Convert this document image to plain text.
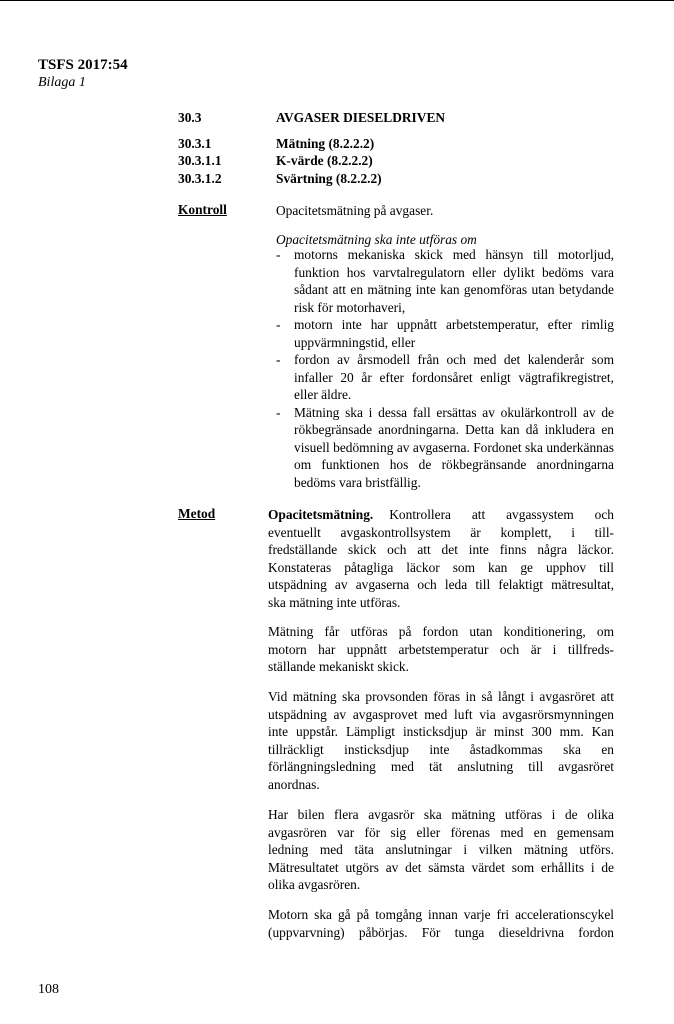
TSFS 2017:54
Bilaga 1
30.3	AVGASER DIESELDRIVEN
30.3.1	Mätning (8.2.2.2)
30.3.1.1	K-värde (8.2.2.2)
30.3.1.2	Svärtning (8.2.2.2)
Kontroll	Opacitetsmätning på avgaser.
Opacitetsmätning ska inte utföras om
- motorns mekaniska skick med hänsyn till motorljud, funktion hos varvtalregulatorn eller dylikt bedöms vara sådant att en mätning inte kan genomföras utan betydande risk för motorhaveri,
- motorn inte har uppnått arbetstemperatur, efter rimlig uppvärmningstid, eller
- fordon av årsmodell från och med det kalenderår som infaller 20 år efter fordonsåret enligt vägtrafikregistret, eller äldre.
- Mätning ska i dessa fall ersättas av okulärkontroll av de rökbegränsade anordningarna. Detta kan då inkludera en visuell bedömning av avgaserna. Fordonet ska underkännas om funktionen hos de rökbegränsande anordningarna bedöms vara bristfällig.
Metod	Opacitetsmätning. Kontrollera att avgassystem och
eventuellt avgaskontrollsystem är komplett, i till-
fredställande skick och att det inte finns några läckor.
Konstateras påtagliga läckor som kan ge upphov till
utspädning av avgaserna och leda till felaktigt mätresultat,
ska mätning inte utföras.
Mätning får utföras på fordon utan konditionering, om
motorn har uppnått arbetstemperatur och är i tillfreds-
ställande mekaniskt skick.
Vid mätning ska provsonden föras in så långt i avgasröret att
utspädning av avgasprovet med luft via avgasrörsmynningen
inte uppstår. Lämpligt insticksdjup är minst 300 mm. Kan
tillräckligt insticksdjup inte åstadkommas ska en
förlängningsledning med tät anslutning till avgasröret
anordnas.
Har bilen flera avgasrör ska mätning utföras i de olika
avgasrören var för sig eller förenas med en gemensam
ledning med täta anslutningar i vilken mätning utförs.
Mätresultatet utgörs av det sämsta värdet som erhållits i de
olika avgasrören.
Motorn ska gå på tomgång innan varje fri accelerationscykel
(uppvarvning) påbörjas. För tunga dieseldrivna fordon
108
